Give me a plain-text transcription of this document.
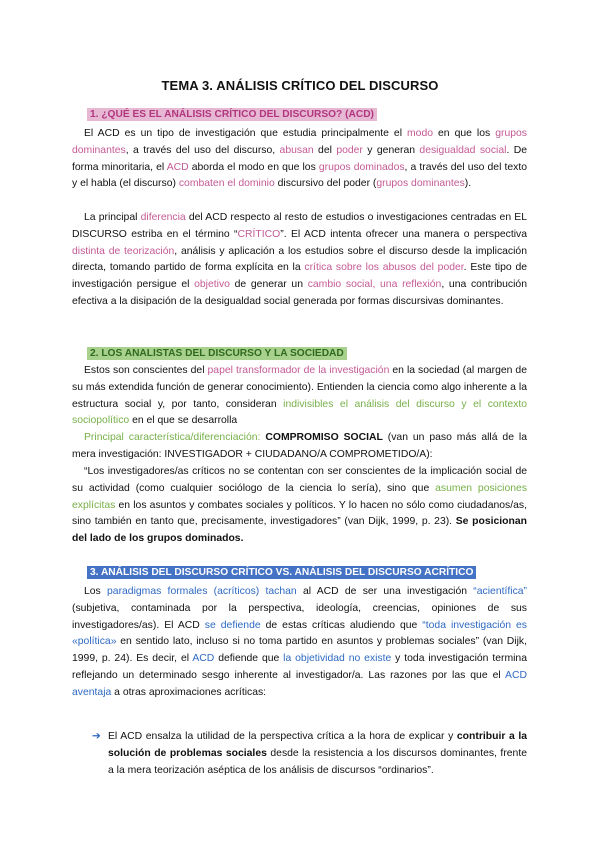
TEMA 3. ANÁLISIS CRÍTICO DEL DISCURSO
1. ¿QUÉ ES EL ANÁLISIS CRÍTICO DEL DISCURSO? (ACD)
El ACD es un tipo de investigación que estudia principalmente el modo en que los grupos dominantes, a través del uso del discurso, abusan del poder y generan desigualdad social. De forma minoritaria, el ACD aborda el modo en que los grupos dominados, a través del uso del texto y el habla (el discurso) combaten el dominio discursivo del poder (grupos dominantes).
La principal diferencia del ACD respecto al resto de estudios o investigaciones centradas en EL DISCURSO estriba en el término “CRÍTICO”. El ACD intenta ofrecer una manera o perspectiva distinta de teorización, análisis y aplicación a los estudios sobre el discurso desde la implicación directa, tomando partido de forma explícita en la crítica sobre los abusos del poder. Este tipo de investigación persigue el objetivo de generar un cambio social, una reflexión, una contribución efectiva a la disipación de la desigualdad social generada por formas discursivas dominantes.
2. LOS ANALISTAS DEL DISCURSO Y LA SOCIEDAD
Estos son conscientes del papel transformador de la investigación en la sociedad (al margen de su más extendida función de generar conocimiento). Entienden la ciencia como algo inherente a la estructura social y, por tanto, consideran indivisibles el análisis del discurso y el contexto sociopolítico en el que se desarrolla
Principal característica/diferenciación: COMPROMISO SOCIAL (van un paso más allá de la mera investigación: INVESTIGADOR + CIUDADANO/A COMPROMETIDO/A):
“Los investigadores/as críticos no se contentan con ser conscientes de la implicación social de su actividad (como cualquier sociólogo de la ciencia lo sería), sino que asumen posiciones explícitas en los asuntos y combates sociales y políticos. Y lo hacen no sólo como ciudadanos/as, sino también en tanto que, precisamente, investigadores” (van Dijk, 1999, p. 23). Se posicionan del lado de los grupos dominados.
3. ANÁLISIS DEL DISCURSO CRÍTICO VS. ANÁLISIS DEL DISCURSO ACRÍTICO
Los paradigmas formales (acríticos) tachan al ACD de ser una investigación “acientífica” (subjetiva, contaminada por la perspectiva, ideología, creencias, opiniones de sus investigadores/as). El ACD se defiende de estas críticas aludiendo que “toda investigación es «política» en sentido lato, incluso si no toma partido en asuntos y problemas sociales” (van Dijk, 1999, p. 24). Es decir, el ACD defiende que la objetividad no existe y toda investigación termina reflejando un determinado sesgo inherente al investigador/a. Las razones por las que el ACD aventaja a otras aproximaciones acríticas:
➔ El ACD ensalza la utilidad de la perspectiva crítica a la hora de explicar y contribuir a la solución de problemas sociales desde la resistencia a los discursos dominantes, frente a la mera teorización aséptica de los análisis de discursos “ordinarios”.
